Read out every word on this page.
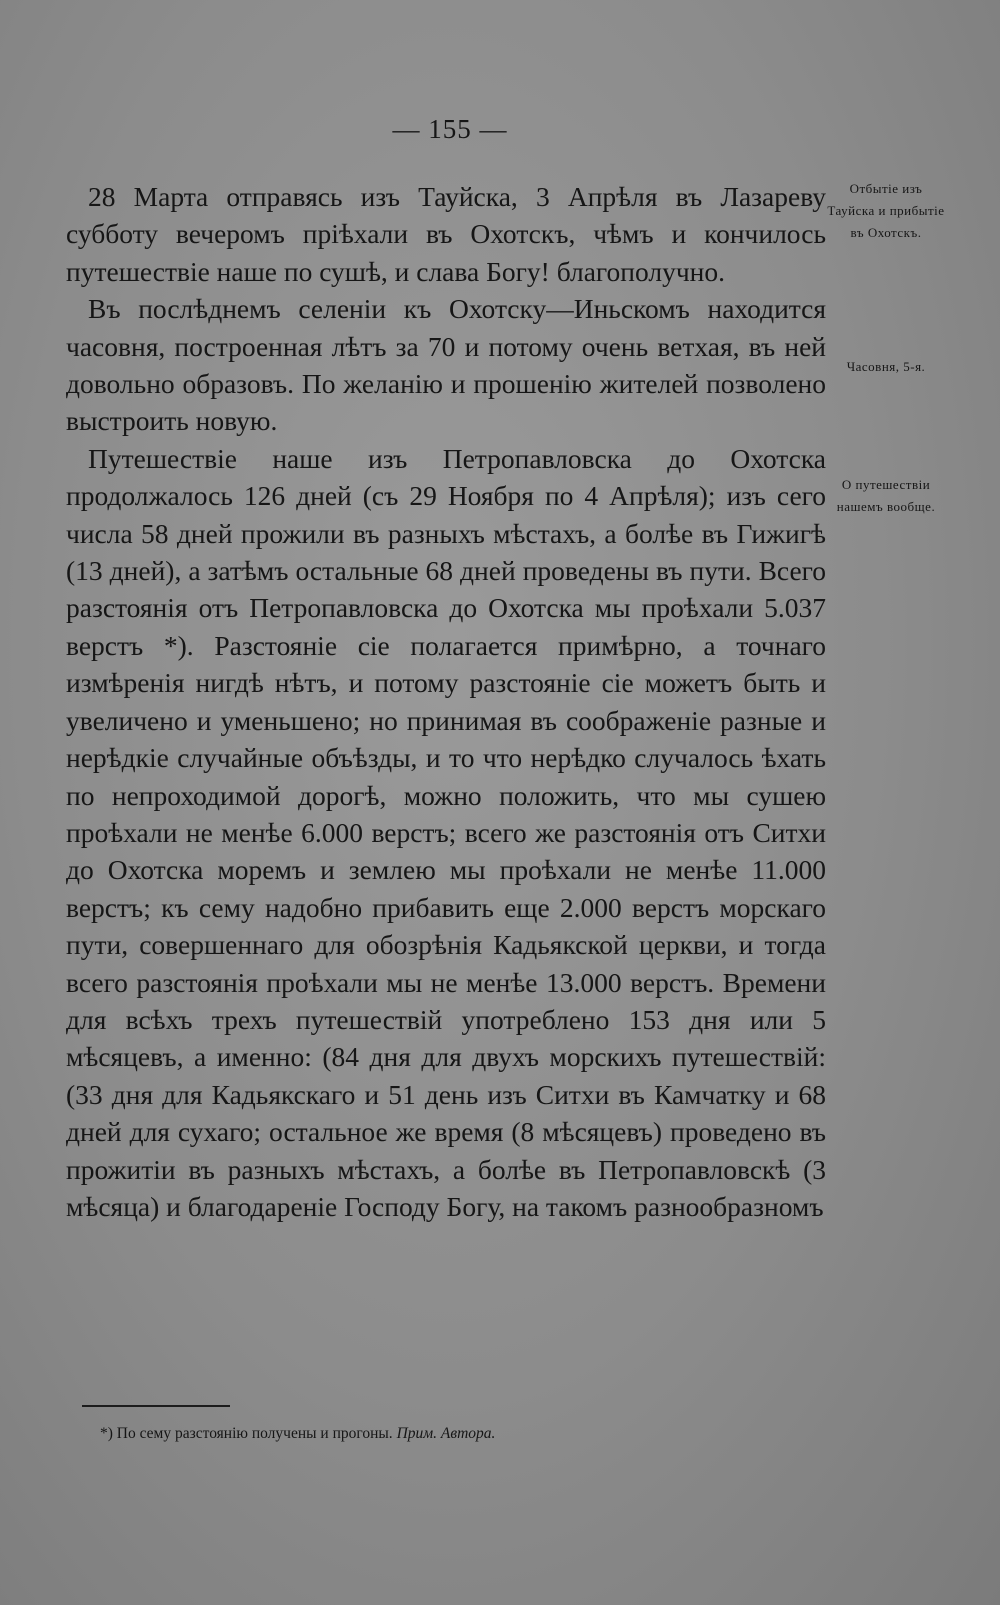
— 155 —

28 Марта отправясь изъ Тауйска, 3 Апрѣля въ Лазареву субботу вечеромъ пріѣхали въ Охотскъ, чѣмъ и кончилось путешествіе наше по сушѣ, и слава Богу! благополучно.

Въ послѣднемъ селеніи къ Охотску—Иньскомъ находится часовня, построенная лѣтъ за 70 и потому очень ветхая, въ ней довольно образовъ. По желанію и прошенію жителей позволено выстроить новую.

Путешествіе наше изъ Петропавловска до Охотска продолжалось 126 дней (съ 29 Ноября по 4 Апрѣля); изъ сего числа 58 дней прожили въ разныхъ мѣстахъ, а болѣе въ Гижигѣ (13 дней), а затѣмъ остальные 68 дней проведены въ пути. Всего разстоянія отъ Петропавловска до Охотска мы проѣхали 5.037 верстъ *). Разстояніе сіе полагается примѣрно, а точнаго измѣренія нигдѣ нѣтъ, и потому разстояніе сіе можетъ быть и увеличено и уменьшено; но принимая въ соображеніе разные и нерѣдкіе случайные объѣзды, и то что нерѣдко случалось ѣхать по непроходимой дорогѣ, можно положить, что мы сушею проѣхали не менѣе 6.000 верстъ; всего же разстоянія отъ Ситхи до Охотска моремъ и землею мы проѣхали не менѣе 11.000 верстъ; къ сему надобно прибавить еще 2.000 верстъ морскаго пути, совершеннаго для обозрѣнія Кадьякской церкви, и тогда всего разстоянія проѣхали мы не менѣе 13.000 верстъ. Времени для всѣхъ трехъ путешествій употреблено 153 дня или 5 мѣсяцевъ, а именно: (84 дня для двухъ морскихъ путешествій: (33 дня для Кадьякскаго и 51 день изъ Ситхи въ Камчатку и 68 дней для сухаго; остальное же время (8 мѣсяцевъ) проведено въ прожитіи въ разныхъ мѣстахъ, а болѣе въ Петропавловскѣ (3 мѣсяца) и благодареніе Господу Богу, на такомъ разнообразномъ

Отбытіе изъ Тауйска и прибытіе въ Охотскъ.
Часовня, 5-я.
О путешествіи нашемъ вообще.
*) По сему разстоянію получены и прогоны. Прим. Автора.
